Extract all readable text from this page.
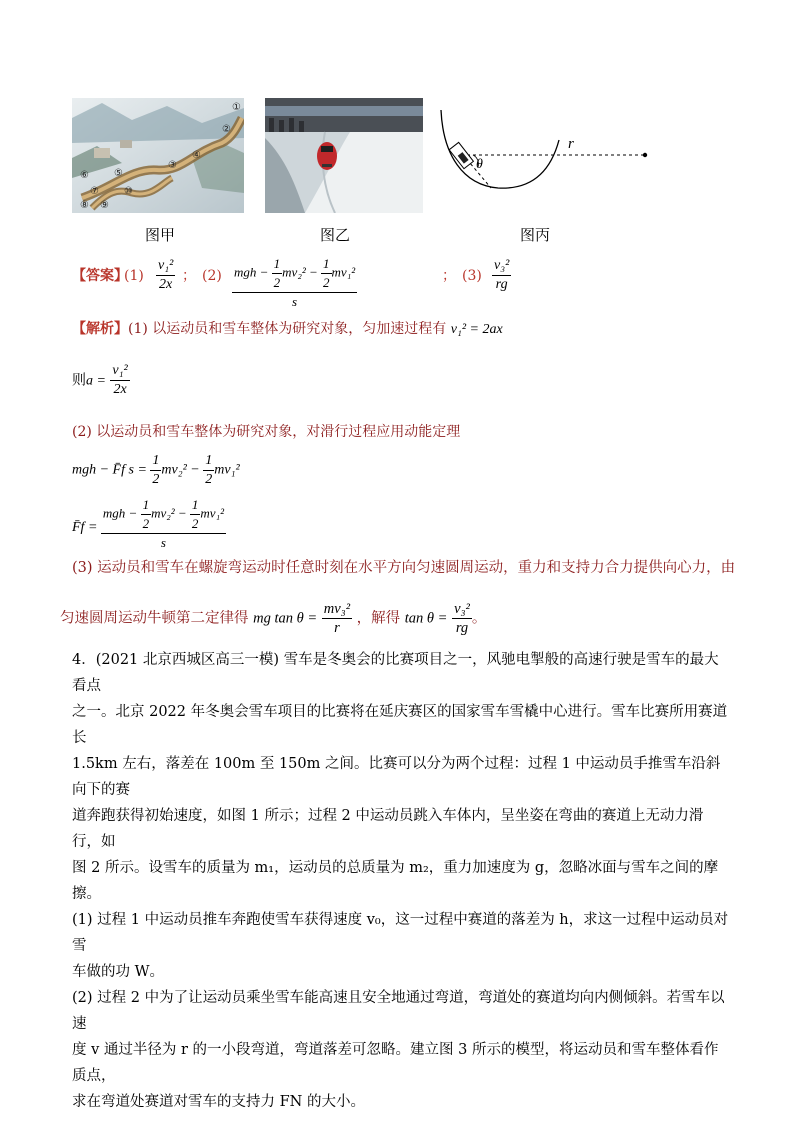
①
②
③
④
⑤
⑥
⑦
⑧ ⑨
⑩
图甲	图乙
θ
r
图丙
【答案】
$(1) \frac{\text{v₁²}}{2x}$ ； (2) mgh − $\frac{1}{2} mv_2^2 - \frac{1}{2} mv_1^2$
s
； $(3) \frac{\text{v₃²}}{rg}$
【解析】(1) 以运动员和雪车整体为研究对象，匀加速过程有 v₁² = 2ax
则$a = \frac{\text{v₁²}}{2x}$
(2) 以运动员和雪车整体为研究对象，对滑行过程应用动能定理
mgh − F̄f $s = \frac{1}{2} mv_2^2 - \frac{1}{2} mv_1^2$
F̄f = $\frac{mgh - \frac{1}{2} mv_2^2 - \frac{1}{2} mv_1^2}{s}$
(3) 运动员和雪车在螺旋弯运动时任意时刻在水平方向匀速圆周运动，重力和支持力合力提供向心力，由
匀速圆周运动牛顿第二定律得 mg $\tan \theta = \frac{\text{mv₃²}}{r}$ ，解得 $\tan \theta = \frac{\text{v₃²}}{rg}$ 。
4．(2021 北京西城区高三一模) 雪车是冬奥会的比赛项目之一，风驰电掣般的高速行驶是雪车的最大看点
之一。北京 2022 年冬奥会雪车项目的比赛将在延庆赛区的国家雪车雪橇中心进行。雪车比赛所用赛道长
1.5km 左右，落差在 100m 至 150m 之间。比赛可以分为两个过程：过程 1 中运动员手推雪车沿斜向下的赛
道奔跑获得初始速度，如图 1 所示；过程 2 中运动员跳入车体内，呈坐姿在弯曲的赛道上无动力滑行，如
图 2 所示。设雪车的质量为 m₁，运动员的总质量为 m₂，重力加速度为 g，忽略冰面与雪车之间的摩擦。
(1) 过程 1 中运动员推车奔跑使雪车获得速度 v₀，这一过程中赛道的落差为 h，求这一过程中运动员对雪
车做的功 W。
(2) 过程 2 中为了让运动员乘坐雪车能高速且安全地通过弯道，弯道处的赛道均向内侧倾斜。若雪车以速
度 v 通过半径为 r 的一小段弯道，弯道落差可忽略。建立图 3 所示的模型，将运动员和雪车整体看作质点，
求在弯道处赛道对雪车的支持力 FN 的大小。
